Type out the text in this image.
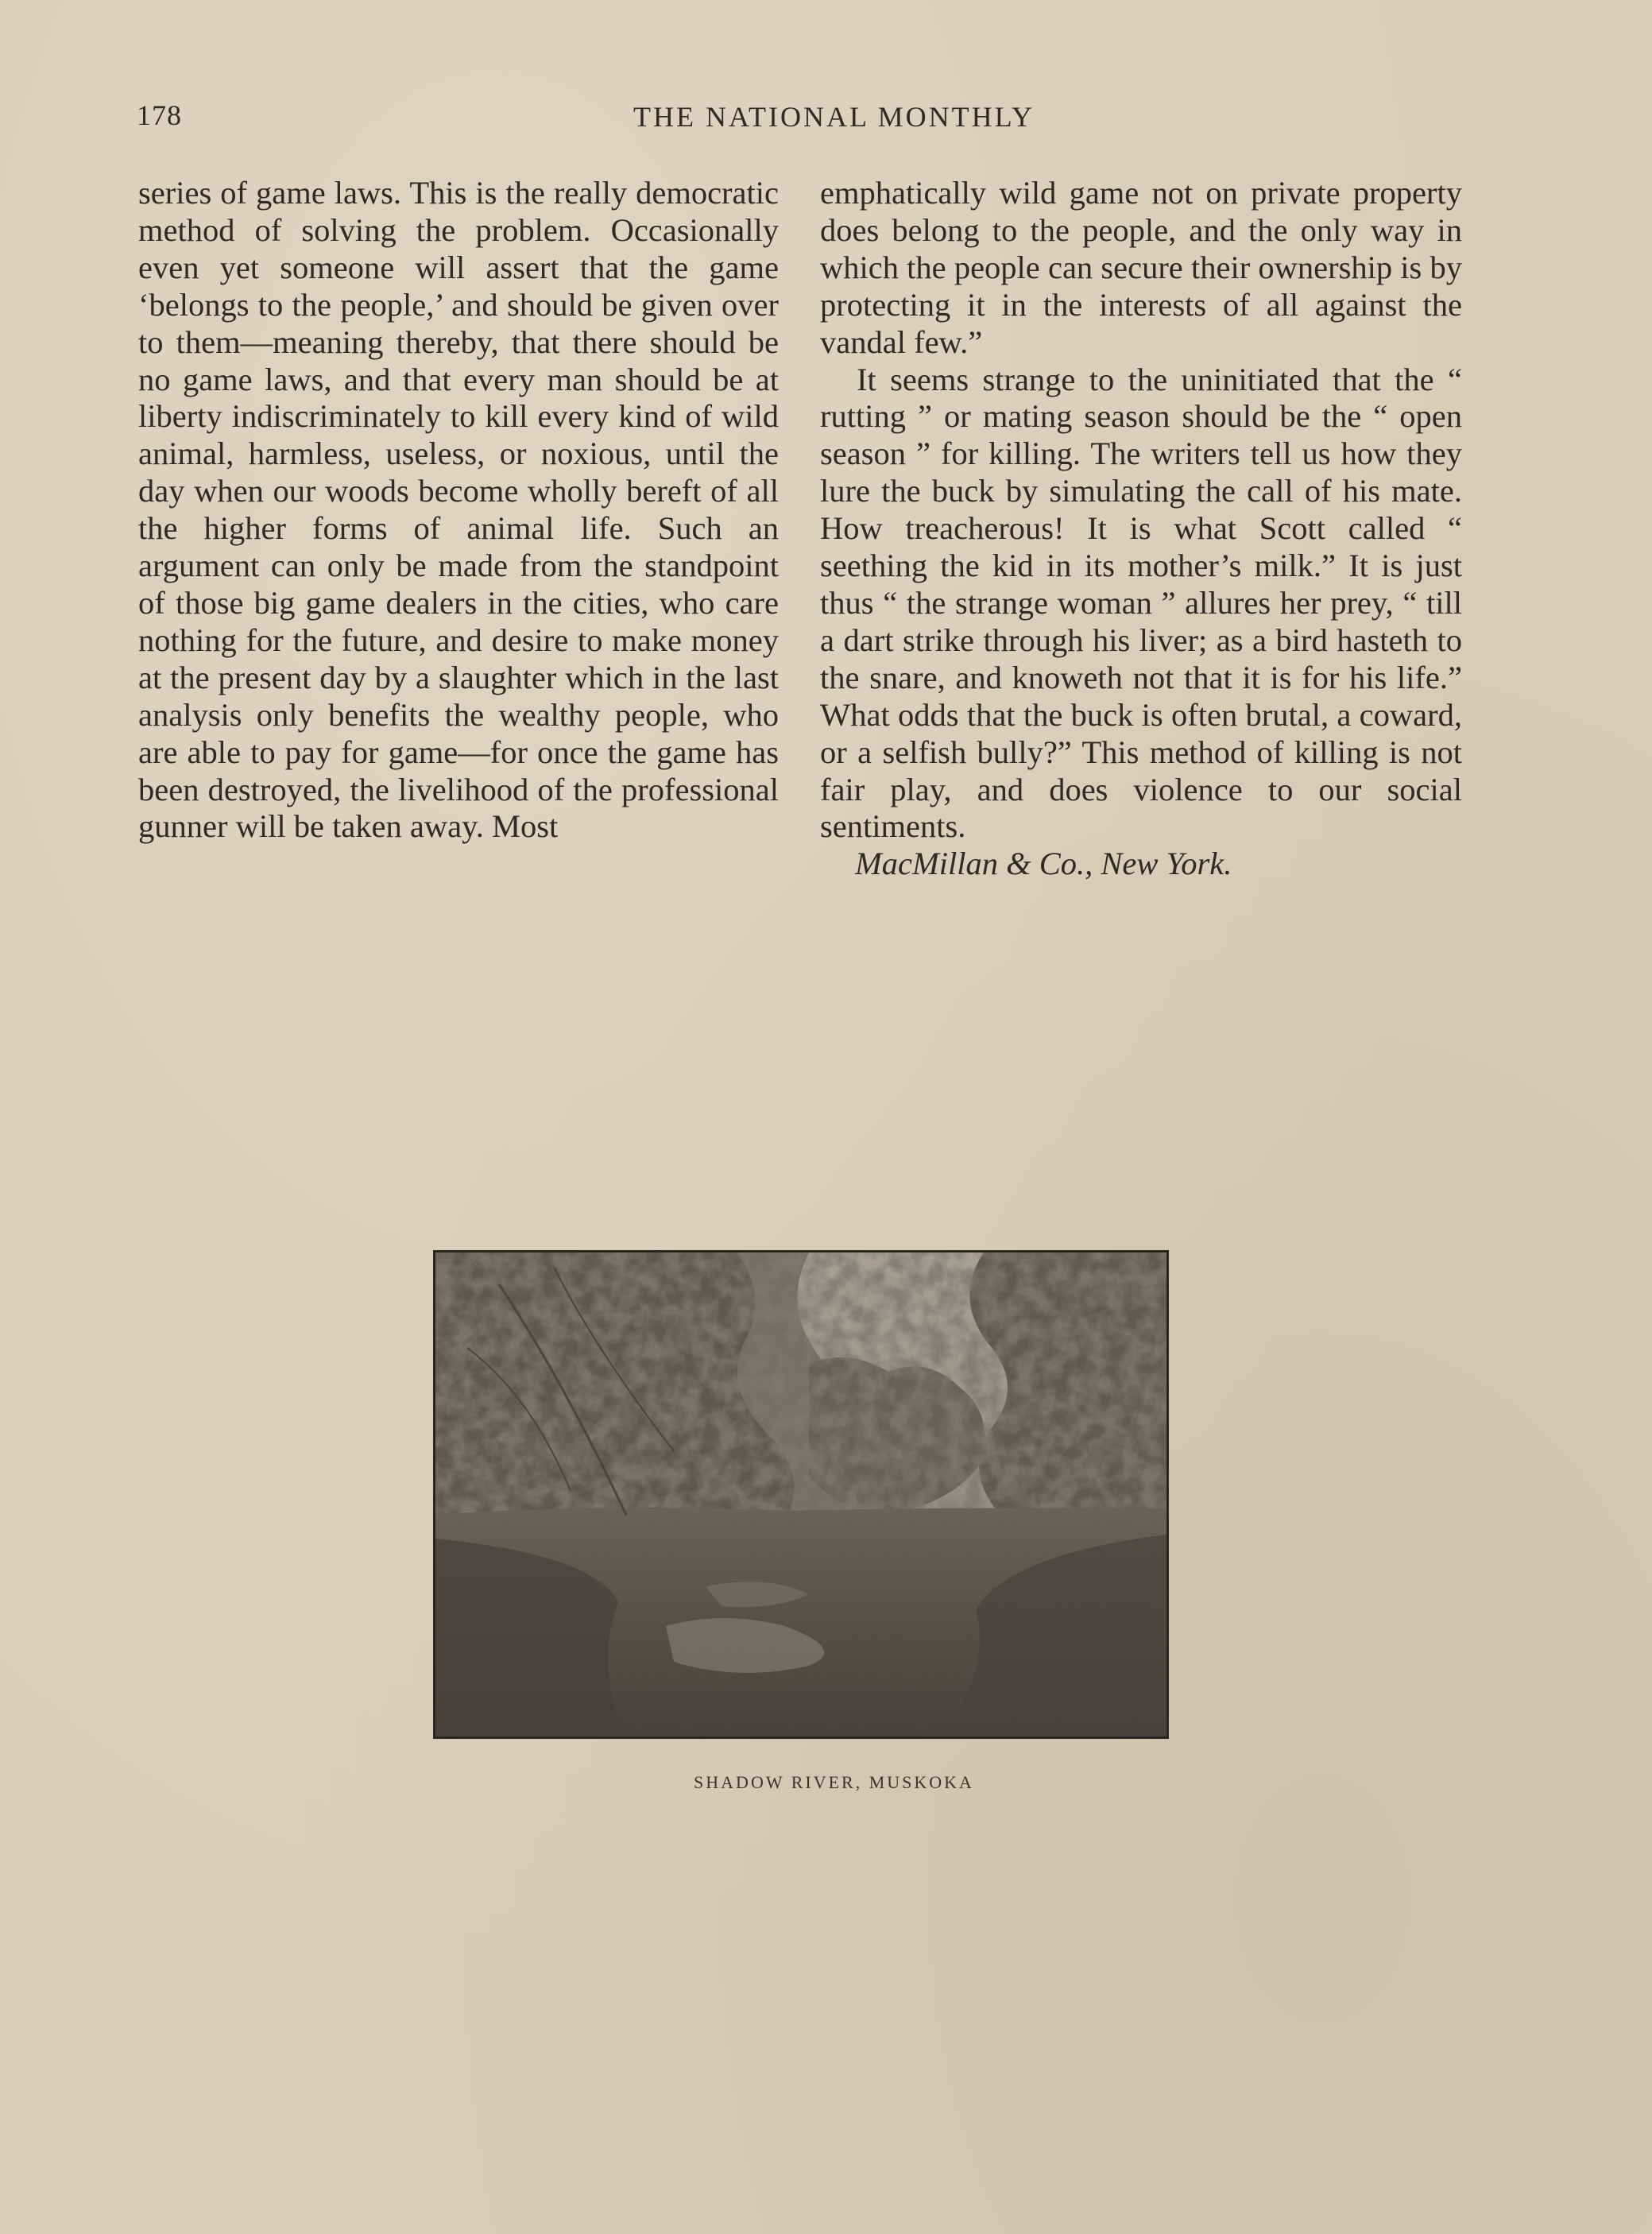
178	THE NATIONAL MONTHLY

series of game laws. This is the really democratic method of solving the problem. Occasionally even yet someone will assert that the game ‘belongs to the people,’ and should be given over to them—meaning thereby, that there should be no game laws, and that every man should be at liberty indiscriminately to kill every kind of wild animal, harmless, useless, or noxious, until the day when our woods become wholly bereft of all the higher forms of animal life. Such an argument can only be made from the standpoint of those big game dealers in the cities, who care nothing for the future, and desire to make money at the present day by a slaughter which in the last analysis only benefits the wealthy people, who are able to pay for game—for once the game has been destroyed, the livelihood of the professional gunner will be taken away. Most

emphatically wild game not on private property does belong to the people, and the only way in which the people can secure their ownership is by protecting it in the interests of all against the vandal few.”

It seems strange to the uninitiated that the “ rutting ” or mating season should be the “ open season ” for killing. The writers tell us how they lure the buck by simulating the call of his mate. How treacherous! It is what Scott called “ seething the kid in its mother’s milk.” It is just thus “ the strange woman ” allures her prey, “ till a dart strike through his liver; as a bird hasteth to the snare, and knoweth not that it is for his life.” What odds that the buck is often brutal, a coward, or a selfish bully?” This method of killing is not fair play, and does violence to our social sentiments.

MacMillan & Co., New York.

SHADOW RIVER, MUSKOKA
